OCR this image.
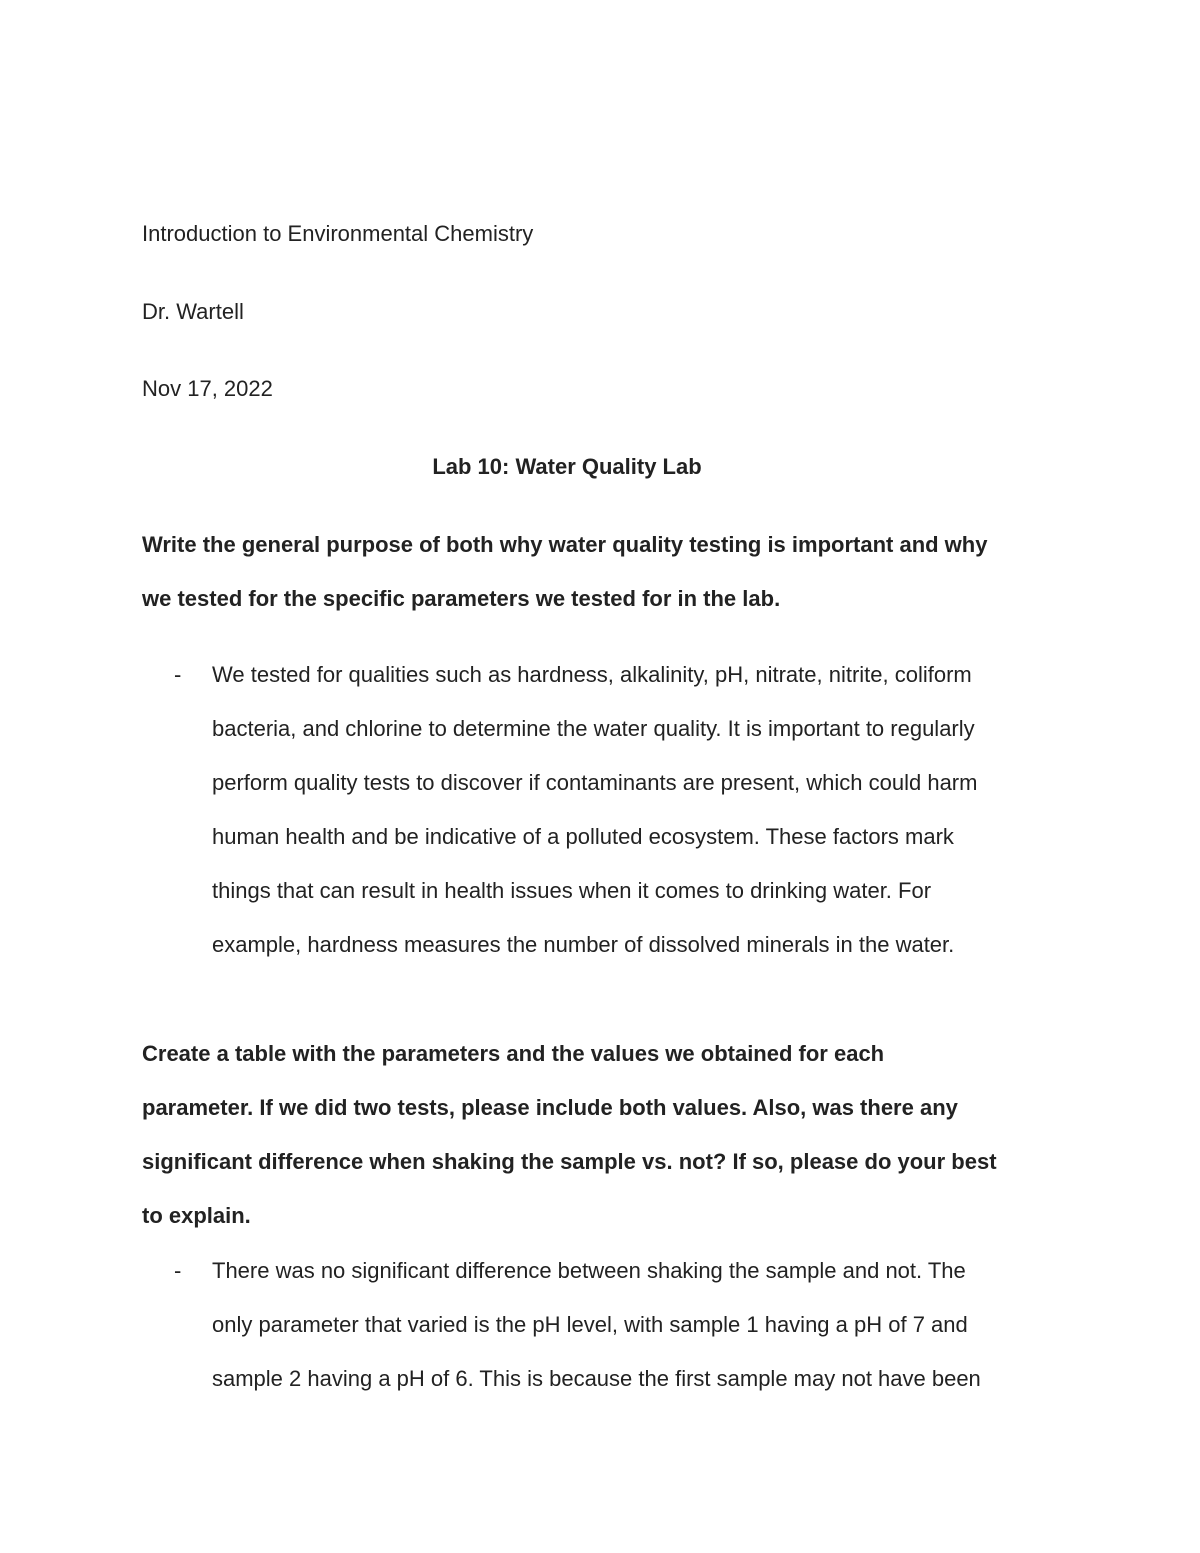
Introduction to Environmental Chemistry
Dr. Wartell
Nov 17, 2022
Lab 10: Water Quality Lab
Write the general purpose of both why water quality testing is important and why
we tested for the specific parameters we tested for in the lab.
- We tested for qualities such as hardness, alkalinity, pH, nitrate, nitrite, coliform
bacteria, and chlorine to determine the water quality. It is important to regularly
perform quality tests to discover if contaminants are present, which could harm
human health and be indicative of a polluted ecosystem. These factors mark
things that can result in health issues when it comes to drinking water. For
example, hardness measures the number of dissolved minerals in the water.
Create a table with the parameters and the values we obtained for each
parameter. If we did two tests, please include both values. Also, was there any
significant difference when shaking the sample vs. not? If so, please do your best
to explain.
- There was no significant difference between shaking the sample and not. The
only parameter that varied is the pH level, with sample 1 having a pH of 7 and
sample 2 having a pH of 6. This is because the first sample may not have been
